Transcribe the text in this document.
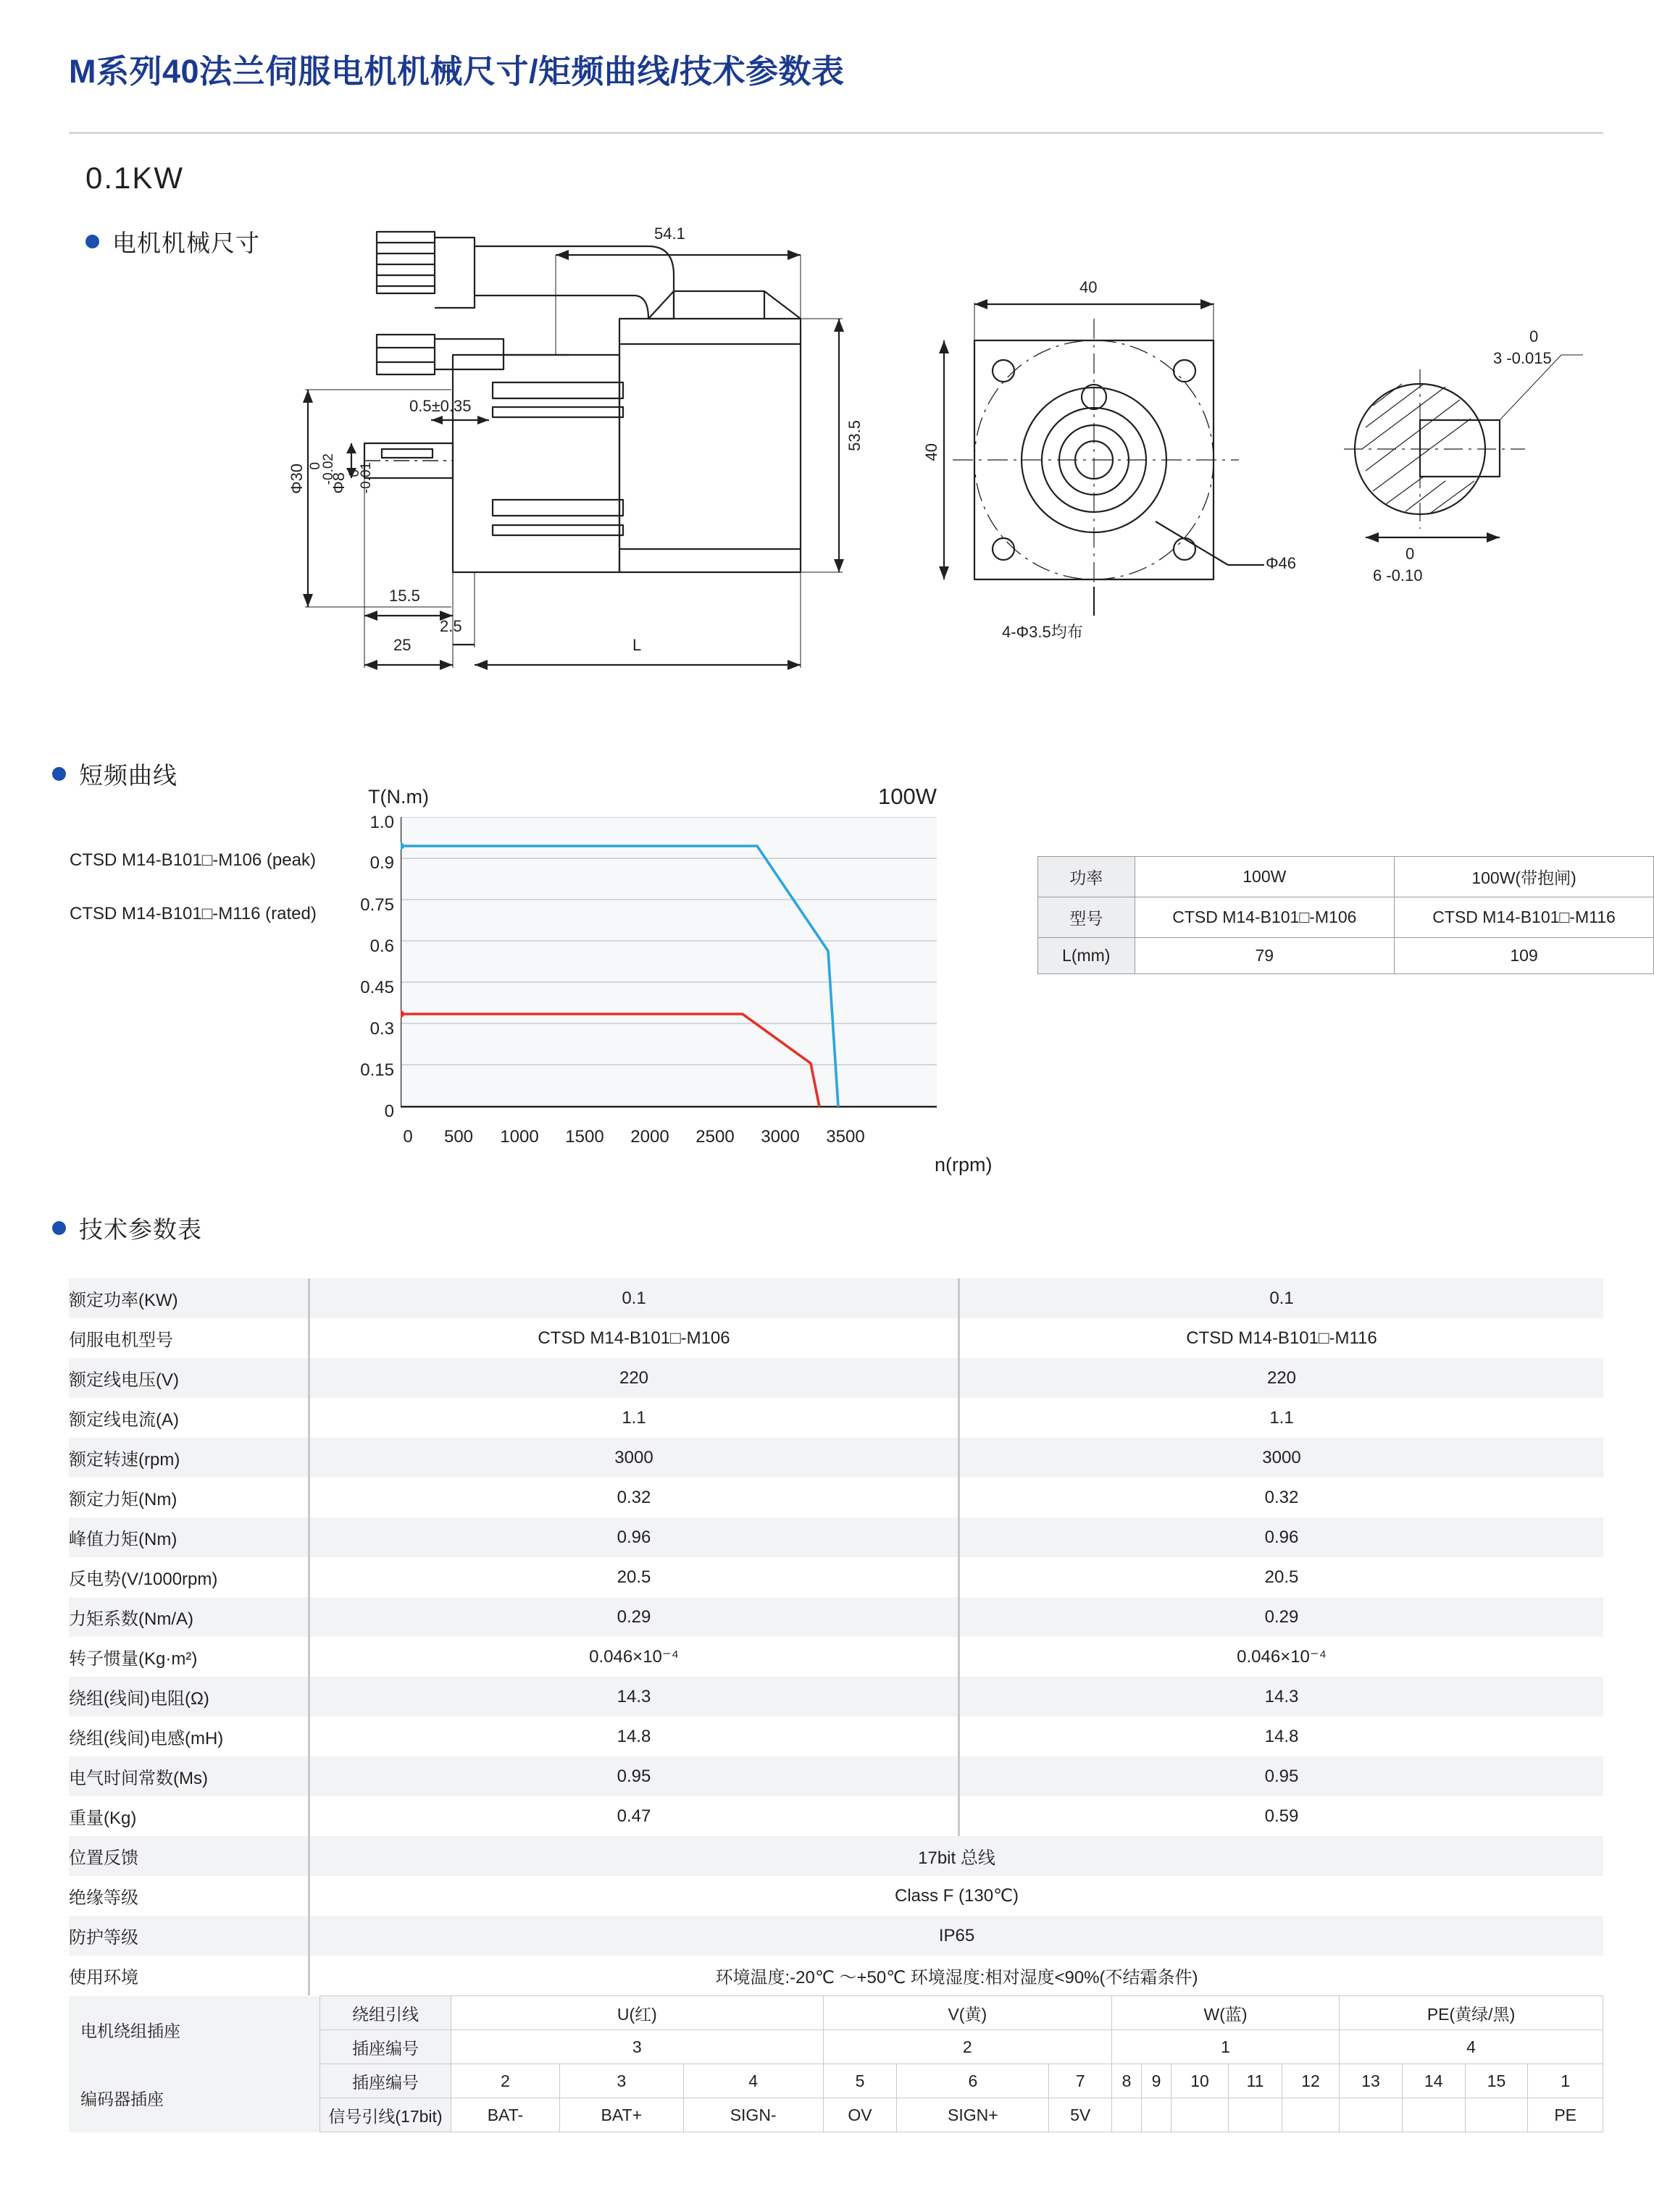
M系列40法兰伺服电机机械尺寸/矩频曲线/技术参数表
0.1KW
电机机械尺寸	54.1
53.5
25
15.5
2.5
L
0.5±0.35
Φ30 0
-0.02
Φ8 0
-0.01
40
40
Φ46
4-Φ3.5均布
0
3 -0.015
0
6 -0.10
短频曲线
T(N.m)	100W
n(rpm)
CTSD M14-B101□-M106 (peak)
CTSD M14-B101□-M116 (rated)
1.0
0.9
0.75
0.6
0.45
0.3
0.15
0
0	500	1000	1500	2000	2500	3000	3500
功率	100W	100W(带抱闸)
型号	CTSD M14-B101□-M106	CTSD M14-B101□-M116
L(mm)	79	109
技术参数表
额定功率(KW)	0.1	0.1
伺服电机型号	CTSD M14-B101□-M106	CTSD M14-B101□-M116
额定线电压(V)	220	220
额定线电流(A)	1.1	1.1
额定转速(rpm)	3000	3000
额定力矩(Nm)	0.32	0.32
峰值力矩(Nm)	0.96	0.96
反电势(V/1000rpm)	20.5	20.5
力矩系数(Nm/A)	0.29	0.29
转子惯量(Kg·m²)	0.046×10⁻⁴	0.046×10⁻⁴
绕组(线间)电阻(Ω)	14.3	14.3
绕组(线间)电感(mH)	14.8	14.8
电气时间常数(Ms)	0.95	0.95
重量(Kg)	0.47	0.59
位置反馈	17bit 总线	
绝缘等级	Class F (130℃)	
防护等级	IP65	
使用环境	环境温度:-20℃ ～+50℃ 环境湿度:相对湿度<90%(不结霜条件)	
电机绕组插座	绕组引线	U(红)			V(黄)			W(蓝)					PE(黄绿/黑)			
	插座编号	3			2			1					4			
编码器插座	插座编号	2	3	4	5	6	7	8	9	10	11	12	13	14	15	1
	信号引线(17bit)	BAT-	BAT+	SIGN-	OV	SIGN+	5V									PE
